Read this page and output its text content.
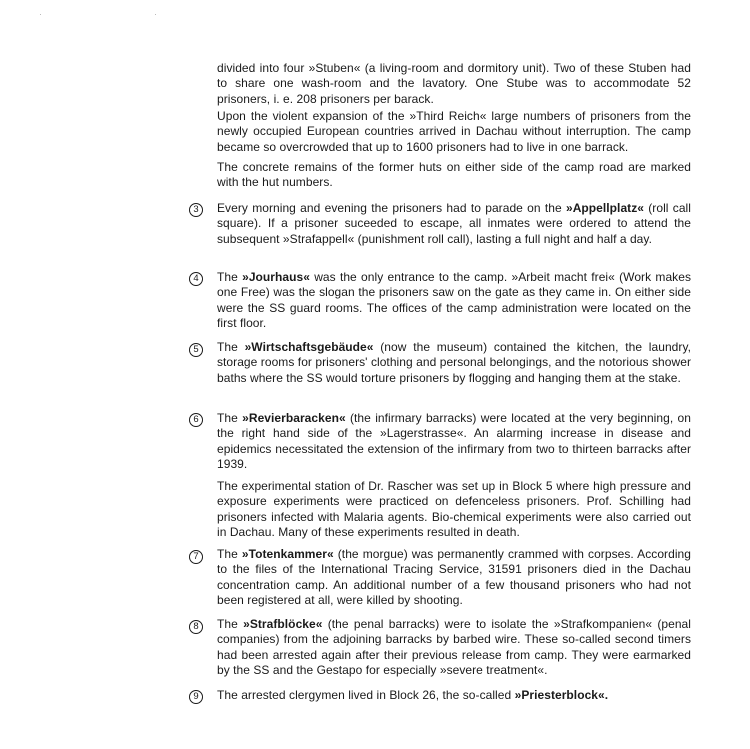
divided into four »Stuben« (a living-room and dormitory unit). Two of these Stuben had to share one wash-room and the lavatory. One Stube was to accommodate 52 prisoners, i. e. 208 prisoners per barack.

Upon the violent expansion of the »Third Reich« large numbers of prisoners from the newly occupied European countries arrived in Dachau without interruption. The camp became so overcrowded that up to 1600 prisoners had to live in one barrack.

The concrete remains of the former huts on either side of the camp road are marked with the hut numbers.

3	Every morning and evening the prisoners had to parade on the »Appellplatz« (roll call square). If a prisoner suceeded to escape, all inmates were ordered to attend the subsequent »Strafappell« (punishment roll call), lasting a full night and half a day.

4	The »Jourhaus« was the only entrance to the camp. »Arbeit macht frei« (Work makes one Free) was the slogan the prisoners saw on the gate as they came in. On either side were the SS guard rooms. The offices of the camp administration were located on the first floor.

5	The »Wirtschaftsgebäude« (now the museum) contained the kitchen, the laundry, storage rooms for prisoners' clothing and personal belongings, and the notorious shower baths where the SS would torture prisoners by flogging and hanging them at the stake.

6	The »Revierbaracken« (the infirmary barracks) were located at the very beginning, on the right hand side of the »Lagerstrasse«. An alarming increase in disease and epidemics necessitated the extension of the infirmary from two to thirteen barracks after 1939.

The experimental station of Dr. Rascher was set up in Block 5 where high pressure and exposure experiments were practiced on defenceless prisoners. Prof. Schilling had prisoners infected with Malaria agents. Bio-chemical experiments were also carried out in Dachau. Many of these experiments resulted in death.

7	The »Totenkammer« (the morgue) was permanently crammed with corpses. According to the files of the International Tracing Service, 31591 prisoners died in the Dachau concentration camp. An additional number of a few thousand prisoners who had not been registered at all, were killed by shooting.

8	The »Strafblöcke« (the penal barracks) were to isolate the »Strafkompanien« (penal companies) from the adjoining barracks by barbed wire. These so-called second timers had been arrested again after their previous release from camp. They were earmarked by the SS and the Gestapo for especially »severe treatment«.

9	The arrested clergymen lived in Block 26, the so-called »Priesterblock«.
